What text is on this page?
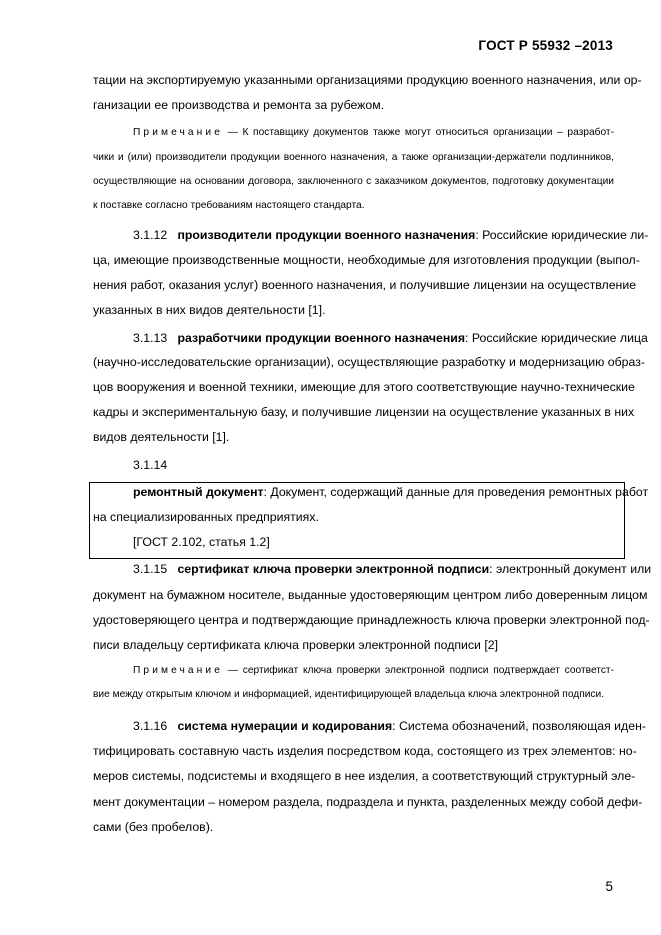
ГОСТ Р 55932 –2013
тации на экспортируемую указанными организациями продукцию военного назначения, или ор-
ганизации ее производства и ремонта за рубежом.
Примечание — К поставщику документов также могут относиться организации – разработ-
чики и (или) производители продукции военного назначения, а также организации-держатели подлинников,
осуществляющие на основании договора, заключенного с заказчиком документов, подготовку документации
к поставке согласно требованиям настоящего стандарта.
3.1.12 производители продукции военного назначения: Российские юридические ли-
ца, имеющие производственные мощности, необходимые для изготовления продукции (выпол-
нения работ, оказания услуг) военного назначения, и получившие лицензии на осуществление
указанных в них видов деятельности [1].
3.1.13 разработчики продукции военного назначения: Российские юридические лица
(научно-исследовательские организации), осуществляющие разработку и модернизацию образ-
цов вооружения и военной техники, имеющие для этого соответствующие научно-технические
кадры и экспериментальную базу, и получившие лицензии на осуществление указанных в них
видов деятельности [1].
3.1.14
ремонтный документ: Документ, содержащий данные для проведения ремонтных работ
на специализированных предприятиях.
[ГОСТ 2.102, статья 1.2]
3.1.15 сертификат ключа проверки электронной подписи: электронный документ или
документ на бумажном носителе, выданные удостоверяющим центром либо доверенным лицом
удостоверяющего центра и подтверждающие принадлежность ключа проверки электронной под-
писи владельцу сертификата ключа проверки электронной подписи [2]
Примечание — сертификат ключа проверки электронной подписи подтверждает соответст-
вие между открытым ключом и информацией, идентифицирующей владельца ключа электронной подписи.
3.1.16 система нумерации и кодирования: Система обозначений, позволяющая иден-
тифицировать составную часть изделия посредством кода, состоящего из трех элементов: но-
меров системы, подсистемы и входящего в нее изделия, а соответствующий структурный эле-
мент документации – номером раздела, подраздела и пункта, разделенных между собой дефи-
сами (без пробелов).
5
